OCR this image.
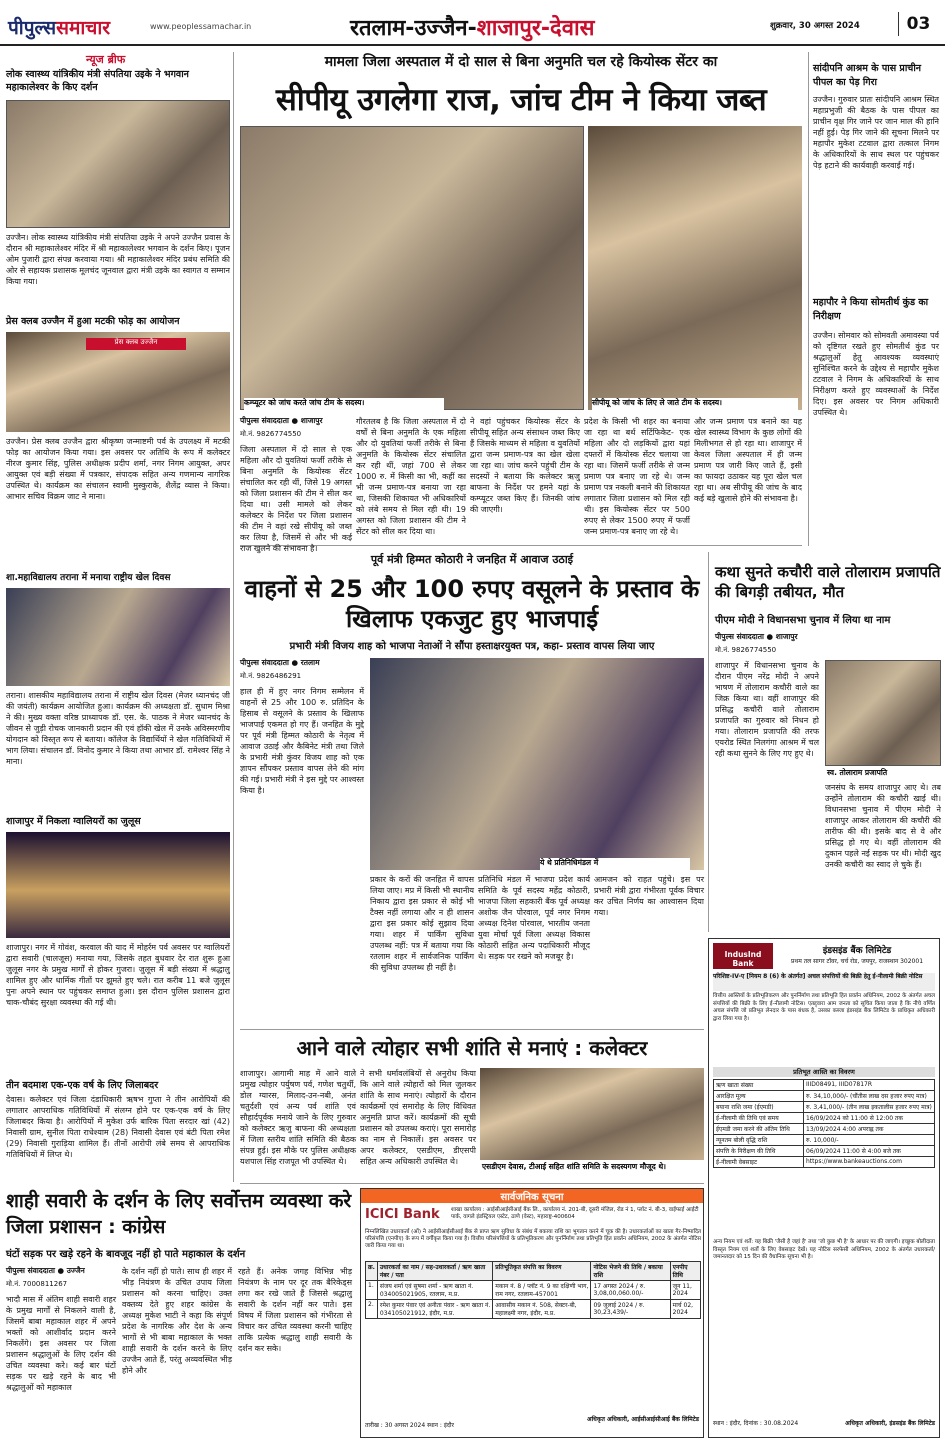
पीपुल्ससमाचार	www.peoplessamachar.in	रतलाम-उज्जैन-शाजापुर-देवास	शुक्रवार, 30 अगस्त 2024	03
न्यूज ब्रीफ
लोक स्वास्थ्य यांत्रिकीय मंत्री संपतिया उइके ने भगवान महाकालेश्वर के किए दर्शन
उज्जैन। लोक स्वास्थ्य यांत्रिकीय मंत्री संपतिया उइके ने अपने उज्जैन प्रवास के दौरान श्री महाकालेश्वर मंदिर में श्री महाकालेश्वर भगवान के दर्शन किए। पूजन ओम पुजारी द्वारा संपन्न करवाया गया। श्री महाकालेश्वर मंदिर प्रबंध समिति की ओर से सहायक प्रशासक मूलचंद जूनवाल द्वारा मंत्री उइके का स्वागत व सम्मान किया गया।
प्रेस क्लब उज्जैन में हुआ मटकी फोड़ का आयोजन
प्रेस क्लब उज्जैन
उज्जैन। प्रेस क्लब उज्जैन द्वारा श्रीकृष्ण जन्माष्टमी पर्व के उपलक्ष्य में मटकी फोड़ का आयोजन किया गया। इस अवसर पर अतिथि के रूप में कलेक्टर नीरज कुमार सिंह, पुलिस अधीक्षक प्रदीप शर्मा, नगर निगम आयुक्त, अपर आयुक्त एवं बड़ी संख्या में पत्रकार, संपादक सहित अन्य गणमान्य नागरिक उपस्थित थे। कार्यक्रम का संचालन स्वामी मुस्कुराके, शैलेंद्र व्यास ने किया। आभार सचिव विक्रम जाट ने माना।
शा.महाविद्यालय तराना में मनाया राष्ट्रीय खेल दिवस
तराना। शासकीय महाविद्यालय तराना में राष्ट्रीय खेल दिवस (मेजर ध्यानचंद जी की जयंती) कार्यक्रम आयोजित हुआ। कार्यक्रम की अध्यक्षता डॉ. सुधाम मिश्रा ने की। मुख्य वक्ता वरिष्ठ प्राध्यापक डॉ. एस. के. पाठक ने मेजर ध्यानचंद के जीवन से जुड़ी रोचक जानकारी प्रदान की एवं हॉकी खेल में उनके अविस्मरणीय योगदान को विस्तृत रूप से बताया। कॉलेज के विद्यार्थियों ने खेल गतिविधियों में भाग लिया। संचालन डॉ. विनोद कुमार ने किया तथा आभार डॉ. रामेश्वर सिंह ने माना।
शाजापुर में निकला ग्वालियरों का जुलूस
शाजापुर। नगर में गोवंश, करवाल की याद में मोहर्रम पर्व अवसर पर ग्वालियरों द्वारा सवारी (चालजूस) मनाया गया, जिसके तहत बुधवार देर रात शुरू हुआ जुलूस नगर के प्रमुख मार्गों से होकर गुजरा। जुलूस में बड़ी संख्या में श्रद्धालु शामिल हुए और धार्मिक गीतों पर झूमते हुए चले। रात करीब 11 बजे जुलूस पुनः अपने स्थान पर पहुंचकर समाप्त हुआ। इस दौरान पुलिस प्रशासन द्वारा चाक-चौबंद सुरक्षा व्यवस्था की गई थी।
तीन बदमाश एक-एक वर्ष के लिए जिलाबदर
देवास। कलेक्टर एवं जिला दंडाधिकारी ऋषभ गुप्ता ने तीन आरोपियों की लगातार आपराधिक गतिविधियों में संलग्न होने पर एक-एक वर्ष के लिए जिलाबदर किया है। आरोपियों में मुकेश उर्फ बारिक पिता सरदार खां (42) निवासी ग्राम, सुनील पिता राधेश्याम (28) निवासी देवास एवं बंटी पिता रमेश (29) निवासी गुराड़िया शामिल हैं। तीनों आरोपी लंबे समय से आपराधिक गतिविधियों में लिप्त थे।
मामला जिला अस्पताल में दो साल से बिना अनुमति चल रहे कियोस्क सेंटर का
सीपीयू उगलेगा राज, जांच टीम ने किया जब्त
कम्प्यूटर को जांच करते जांच टीम के सदस्य।	सीपीयू को जांच के लिए ले जाते टीम के सदस्य।
पीपुल्स संवाददाता ● शाजापुर
मो.नं. 9826774550
जिला अस्पताल में दो साल से एक महिला और दो युवतियां फर्जी तरीके से बिना अनुमति के कियोस्क सेंटर संचालित कर रही थीं, जिसे 19 अगस्त को जिला प्रशासन की टीम ने सील कर दिया था। उसी मामले को लेकर कलेक्टर के निर्देश पर जिला प्रशासन की टीम ने वहां रखे सीपीयू को जब्त कर लिया है, जिसमें से और भी कई राज खुलने की संभावना है।
गौरतलब है कि जिला अस्पताल में दो वर्षों से बिना अनुमति के एक महिला और दो युवतियां फर्जी तरीके से बिना अनुमति के कियोस्क सेंटर संचालित कर रही थीं, जहां 700 से लेकर 1000 रु. में किसी का भी, कहीं का भी जन्म प्रमाण-पत्र बनाया जा रहा था, जिसकी शिकायत भी अधिकारियों को लंबे समय से मिल रही थी। 19 अगस्त को जिला प्रशासन की टीम ने सेंटर को सील कर दिया था।
ने वहां पहुंचकर कियोस्क सेंटर के सीपीयू सहित अन्य संसाधन जब्त किए हैं जिसके माध्यम से महिला व युवतियों द्वारा जन्म प्रमाण-पत्र का खेल खेला जा रहा था। जांच करने पहुंची टीम के सदस्यों ने बताया कि कलेक्टर ऋजु बाफना के निर्देश पर हमने यहां के कम्प्यूटर जब्त किए हैं। जिनकी जांच की जाएगी।
प्रदेश के किसी भी शहर का बनाया जा रहा था बर्थ सर्टिफिकेट- एक महिला और दो लड़कियों द्वारा यहां दफ्तरों में कियोस्क सेंटर चलाया जा रहा था। जिसमें फर्जी तरीके से जन्म प्रमाण पत्र बनाए जा रहे थे। जन्म प्रमाण पत्र नकली बनाने की शिकायत लगातार जिला प्रशासन को मिल रही थी। इस कियोस्क सेंटर पर 500 रुपए से लेकर 1500 रुपए में फर्जी जन्म प्रमाण-पत्र बनाए जा रहे थे।
और जन्म प्रमाण पत्र बनाने का यह खेल स्वास्थ्य विभाग के कुछ लोगों की मिलीभगत से हो रहा था। शाजापुर में केवल जिला अस्पताल में ही जन्म प्रमाण पत्र जारी किए जाते हैं, इसी का फायदा उठाकर यह पूरा खेल चल रहा था। अब सीपीयू की जांच के बाद कई बड़े खुलासे होने की संभावना है।
सांदीपनि आश्रम के पास प्राचीन पीपल का पेड़ गिरा
उज्जैन। गुरुवार प्रातः सांदीपनि आश्रम स्थित महाप्रभुजी की बैठक के पास पीपल का प्राचीन वृक्ष गिर जाने पर जान माल की हानि नहीं हुई। पेड़ गिर जाने की सूचना मिलने पर महापौर मुकेश टटवाल द्वारा तत्काल निगम के अधिकारियों के साथ स्थल पर पहुंचकर पेड़ हटाने की कार्यवाही करवाई गई।
महापौर ने किया सोमतीर्थ कुंड का निरीक्षण
उज्जैन। सोमवार को सोमवती अमावस्या पर्व को दृष्टिगत रखते हुए सोमतीर्थ कुंड पर श्रद्धालुओं हेतु आवश्यक व्यवस्थाएं सुनिश्चित करने के उद्देश्य से महापौर मुकेश टटवाल ने निगम के अधिकारियों के साथ निरीक्षण करते हुए व्यवस्थाओं के निर्देश दिए। इस अवसर पर निगम अधिकारी उपस्थित थे।
पूर्व मंत्री हिम्मत कोठारी ने जनहित में आवाज उठाई
वाहनों से 25 और 100 रुपए वसूलने के प्रस्ताव के खिलाफ एकजुट हुए भाजपाई
प्रभारी मंत्री विजय शाह को भाजपा नेताओं ने सौंपा हस्ताक्षरयुक्त पत्र, कहा- प्रस्ताव वापस लिया जाए
पीपुल्स संवाददाता ● रतलाम
मो.नं. 9826486291
ये थे प्रतिनिधिमंडल में
हाल ही में हुए नगर निगम सम्मेलन में वाहनों से 25 और 100 रु. प्रतिदिन के हिसाब से वसूलने के प्रस्ताव के खिलाफ भाजपाई एकमत हो गए हैं। जनहित के मुद्दे पर पूर्व मंत्री हिम्मत कोठारी के नेतृत्व में आवाज उठाई और कैबिनेट मंत्री तथा जिले के प्रभारी मंत्री कुंवर विजय शाह को एक ज्ञापन सौंपकर प्रस्ताव वापस लेने की मांग की गई। प्रभारी मंत्री ने इस मुद्दे पर आश्वस्त किया है।
प्रकार के करों की जनहित में वापस लिया जाए। मप्र में किसी भी स्थानीय निकाय द्वारा इस प्रकार से कोई भी टैक्स नहीं लगाया और न ही शासन द्वारा इस प्रकार कोई सुझाव दिया गया। शहर में पार्किंग सुविधा उपलब्ध नहीं: पत्र में बताया गया कि रतलाम शहर में सार्वजनिक पार्किंग की सुविधा उपलब्ध ही नहीं है।
प्रतिनिधि मंडल में भाजपा प्रदेश कार्य समिति के पूर्व सदस्य महेंद्र कोठारी, भाजपा जिला सहकारी बैंक पूर्व अध्यक्ष अशोक जैन पोरवाल, पूर्व नगर निगम अध्यक्ष दिनेश पोरवाल, भारतीय जनता युवा मोर्चा पूर्व जिला अध्यक्ष विकास कोठारी सहित अन्य पदाधिकारी मौजूद थे। सड़क पर रखने को मजबूर है।
आमजन को राहत पहुंचे। इस पर प्रभारी मंत्री द्वारा गंभीरता पूर्वक विचार कर उचित निर्णय का आश्वासन दिया गया।
कथा सुनते कचौरी वाले तोलाराम प्रजापति की बिगड़ी तबीयत, मौत
पीएम मोदी ने विधानसभा चुनाव में लिया था नाम
पीपुल्स संवाददाता ● शाजापुर
मो.नं. 9826774550
शाजापुर में विधानसभा चुनाव के दौरान पीएम नरेंद्र मोदी ने अपने भाषण में तोलाराम कचौरी वाले का जिक्र किया था। वहीं शाजापुर की प्रसिद्ध कचौरी वाले तोलाराम प्रजापति का गुरुवार को निधन हो गया। तोलाराम प्रजापति की तरफ एयरोड स्थित निलगंगा आश्रम में चल रही कथा सुनने के लिए गए हुए थे।
स्व. तोलाराम प्रजापति
जनसंघ के समय शाजापुर आए थे। तब उन्होंने तोलाराम की कचौरी खाई थी। विधानसभा चुनाव में पीएम मोदी ने शाजापुर आकर तोलाराम की कचौरी की तारीफ की थी। इसके बाद से वे और प्रसिद्ध हो गए थे। वहीं तोलाराम की दुकान पहले नई सड़क पर थी। मोदी खुद उनकी कचौरी का स्वाद ले चुके हैं।
IndusInd Bank
इंडसइंड बैंक लिमिटेड
प्रथम तल सागर टॉवर, चर्च रोड, जयपुर, राजस्थान 302001
परिशिष्ट-IV-ए [नियम 8 (6) के अंतर्गत] अचल संपत्तियों की बिक्री हेतु ई-नीलामी बिक्री नोटिस
वित्तीय आस्तियों के प्रतिभूतिकरण और पुनर्निर्माण तथा प्रतिभूति हित प्रवर्तन अधिनियम, 2002 के अंतर्गत अचल संपत्तियों की बिक्री के लिए ई-नीलामी नोटिस। एतद्द्वारा आम जनता को सूचित किया जाता है कि नीचे वर्णित अचल संपत्ति जो प्रतिभूत लेनदार के पास बंधक है, उसका कब्जा इंडसइंड बैंक लिमिटेड के प्राधिकृत अधिकारी द्वारा लिया गया है।
प्रतिभूत आस्ति का विवरण
ऋण खाता संख्या	IIID08491, IIID07817R
आरक्षित मूल्य	रु. 34,10,000/- (चौंतीस लाख दस हजार रुपए मात्र)
बयाना राशि जमा (ईएमडी)	रु. 3,41,000/- (तीन लाख इकतालीस हजार रुपए मात्र)
ई-नीलामी की तिथि एवं समय	16/09/2024 को 11:00 से 12:00 तक
ईएमडी जमा करने की अंतिम तिथि	13/09/2024 4:00 अपराह्न तक
न्यूनतम बोली वृद्धि राशि	रु. 10,000/-
संपत्ति के निरीक्षण की तिथि	06/09/2024 11:00 से 4:00 बजे तक
ई-नीलामी वेबसाइट	https://www.bankeauctions.com
अन्य नियम एवं शर्तें: यह बिक्री 'जैसी है जहां है' तथा 'जो कुछ भी है' के आधार पर की जाएगी। इच्छुक बोलीदाता विस्तृत नियम एवं शर्तों के लिए वेबसाइट देखें। यह नोटिस सरफेसी अधिनियम, 2002 के अंतर्गत उधारकर्ता/जमानतदार को 15 दिन की वैधानिक सूचना भी है।
स्थान : इंदौर, दिनांक : 30.08.2024	अधिकृत अधिकारी, इंडसइंड बैंक लिमिटेड
आने वाले त्योहार सभी शांति से मनाएं : कलेक्टर
शाजापुर। आगामी माह में आने वाले प्रमुख त्योहार पर्युषण पर्व, गणेश चतुर्थी, डोल ग्यारस, मिलाद-उन-नबी, अनंत चतुर्दशी एवं अन्य पर्व शांति एवं सौहार्दपूर्वक मनाये जाने के लिए गुरुवार को कलेक्टर ऋजु बाफना की अध्यक्षता में जिला स्तरीय शांति समिति की बैठक संपन्न हुई। इस मौके पर पुलिस अधीक्षक यशपाल सिंह राजपूत भी उपस्थित थे।
ने सभी धर्मावलंबियों से अनुरोध किया कि आने वाले त्योहारों को मिल जुलकर शांति के साथ मनाएं। त्योहारों के दौरान कार्यक्रमों एवं समारोह के लिए विधिवत अनुमति प्राप्त करें। कार्यक्रमों की सूची प्रशासन को उपलब्ध कराएं। पूरा समारोह का नाम से निकालें। इस अवसर पर अपर कलेक्टर, एसडीएम, डीएसपी सहित अन्य अधिकारी उपस्थित थे।
एसडीएम देवास, टीआई सहित शांति समिति के सदस्यगण मौजूद थे।
शाही सवारी के दर्शन के लिए सर्वोत्तम व्यवस्था करे जिला प्रशासन : कांग्रेस
घंटों सड़क पर खड़े रहने के बावजूद नहीं हो पाते महाकाल के दर्शन
पीपुल्स संवाददाता ● उज्जैन
मो.नं. 7000811267
भादौ मास में अंतिम शाही सवारी शहर के प्रमुख मार्गों से निकलने वाली है, जिसमें बाबा महाकाल शहर में अपने भक्तों को आशीर्वाद प्रदान करने निकलेंगे। इस अवसर पर जिला प्रशासन श्रद्धालुओं के लिए दर्शन की उचित व्यवस्था करे। कई बार घंटों सड़क पर खड़े रहने के बाद भी श्रद्धालुओं को महाकाल
के दर्शन नहीं हो पाते। साथ ही शहर में भीड़ नियंत्रण के उचित उपाय जिला प्रशासन को करना चाहिए। उक्त वक्तव्य देते हुए शहर कांग्रेस के अध्यक्ष मुकेश भाटी ने कहा कि संपूर्ण प्रदेश के नागरिक और देश के अन्य भागों से भी बाबा महाकाल के भक्त शाही सवारी के दर्शन करने के लिए उज्जैन आते हैं, परंतु अव्यवस्थित भीड़ होने और
रहते हैं। अनेक जगह विभिन्न भीड़ नियंत्रण के नाम पर दूर तक बैरिकेड्स लगा कर रखे जाते हैं जिससे श्रद्धालु सवारी के दर्शन नहीं कर पाते। इस विषय में जिला प्रशासन को गंभीरता से विचार कर उचित व्यवस्था करनी चाहिए ताकि प्रत्येक श्रद्धालु शाही सवारी के दर्शन कर सके।
सार्वजनिक सूचना
ICICI Bank	शाखा कार्यालय : आईसीआईसीआई बैंक लि., कार्यालय नं. 201-बी, दूसरी मंजिल, रोड नं 1, प्लॉट नं. बी-3, वाईफाई आईटी पार्क, वागले इंडस्ट्रियल एस्टेट, ठाणे (वेस्ट), महाराष्ट्र-400604
निम्नलिखित उधारकर्ता (ओं) ने आईसीआईसीआई बैंक से प्राप्त ऋण सुविधा के संबंध में बकाया राशि का भुगतान करने में चूक की है। उधारकर्ताओं का खाता गैर-निष्पादित परिसंपत्ति (एनपीए) के रूप में वर्गीकृत किया गया है। वित्तीय परिसंपत्तियों के प्रतिभूतिकरण और पुनर्निर्माण तथा प्रतिभूति हित प्रवर्तन अधिनियम, 2002 के अंतर्गत नोटिस जारी किया गया था।
क्र.	उधारकर्ता का नाम / सह-उधारकर्ता / ऋण खाता नंबर / पता	प्रतिभूतिकृत संपत्ति का विवरण	नोटिस भेजने की तिथि / बकाया राशि	एनपीए तिथि
1.	संजय शर्मा एवं सुषमा शर्मा - ऋण खाता नं. 034005021905, रतलाम, म.प्र.	मकान नं. 8 / प्लॉट नं. 9 का दक्षिणी भाग, राम नगर, रतलाम-457001	17 अगस्त 2024 / रु. 3,08,00,060.00/-	जून 11, 2024
2.	रमेश कुमार पंवार एवं अनीता पंवार - ऋण खाता नं. 034105021912, इंदौर, म.प्र.	आवासीय मकान नं. 508, सेक्टर-बी, महालक्ष्मी नगर, इंदौर, म.प्र.	09 जुलाई 2024 / रु. 30,23,439/-	मार्च 02, 2024
तारीख : 30 अगस्त 2024 स्थान : इंदौर
अधिकृत अधिकारी, आईसीआईसीआई बैंक लिमिटेड
